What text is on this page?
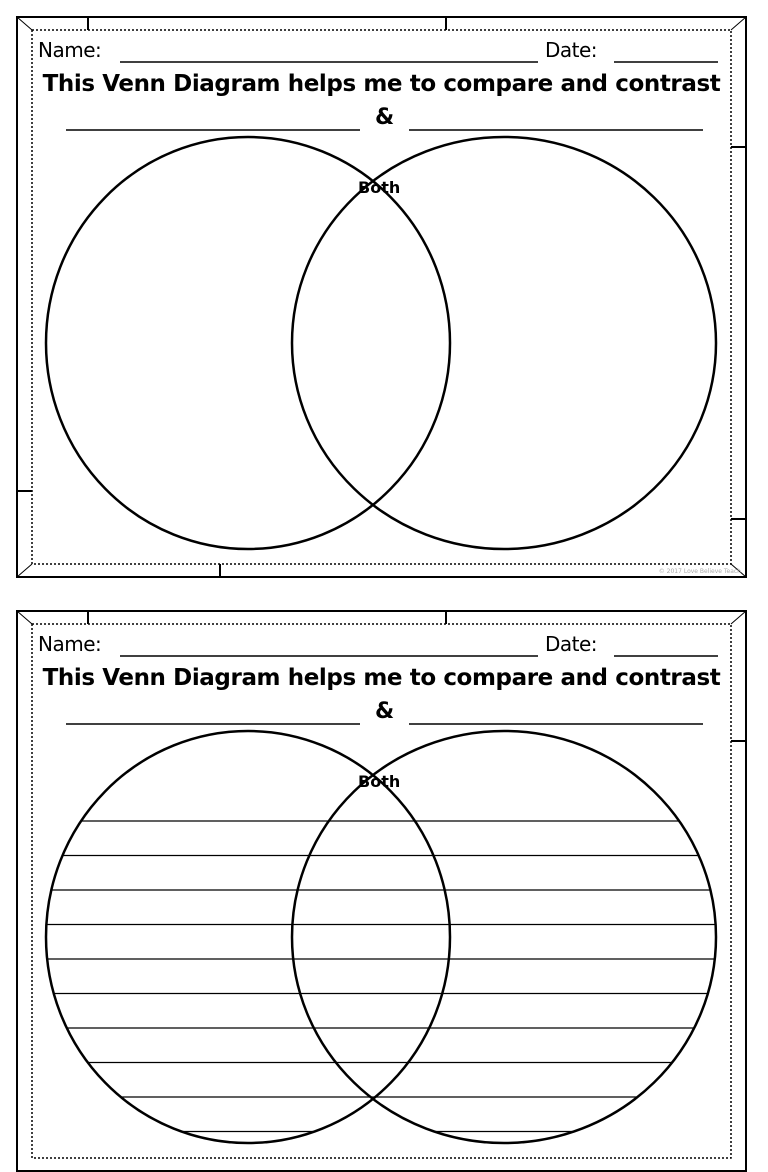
Name:	Date:
This Venn Diagram helps me to compare and contrast
&
Both
© 2017 Love Believe Teach
Name:	Date:
This Venn Diagram helps me to compare and contrast
&
Both
